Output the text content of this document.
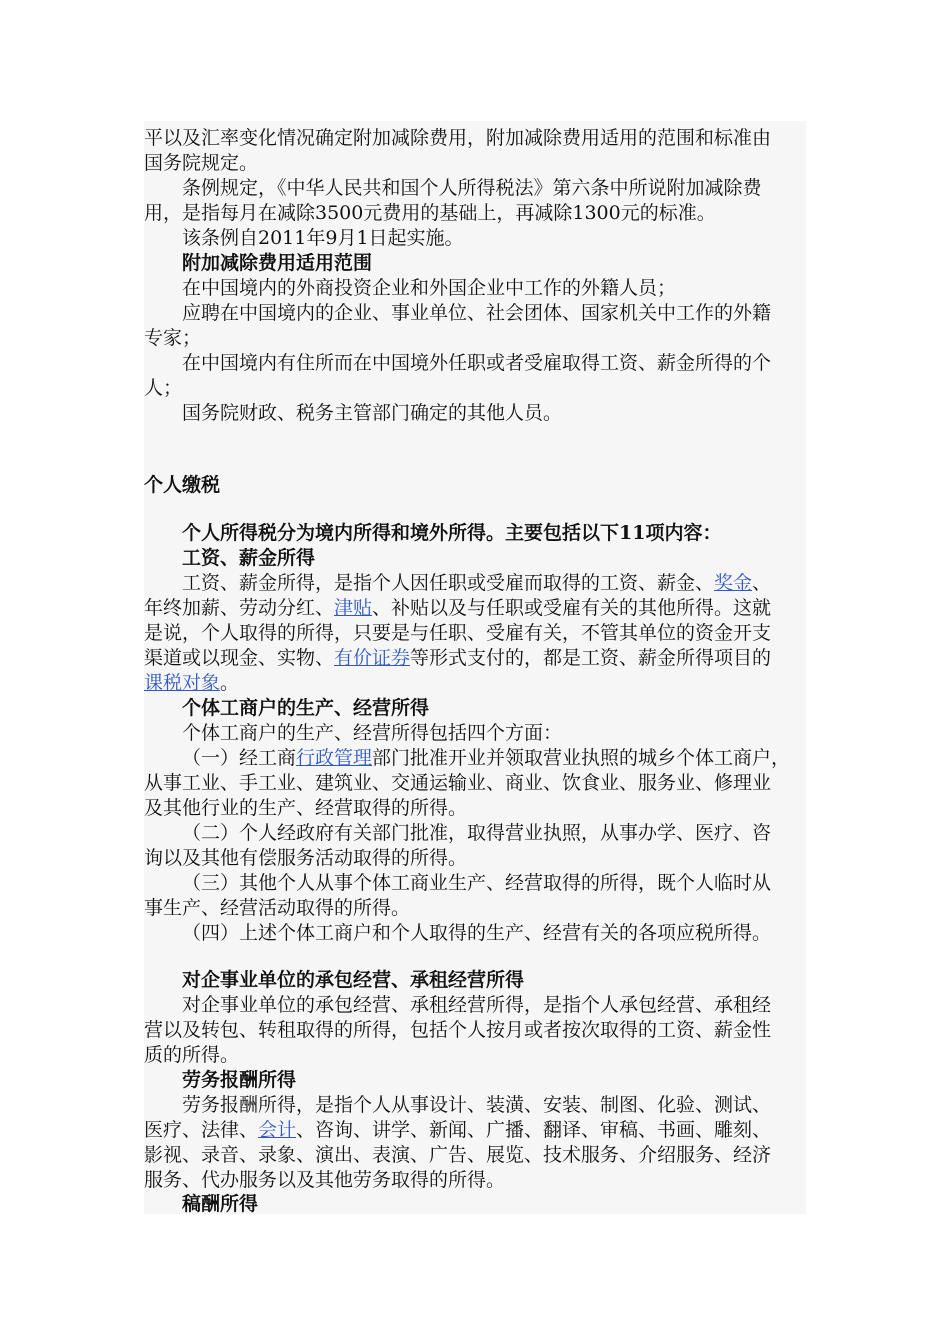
平以及汇率变化情况确定附加减除费用，附加减除费用适用的范围和标准由
国务院规定。
条例规定，《中华人民共和国个人所得税法》第六条中所说附加减除费
用，是指每月在减除3500元费用的基础上，再减除1300元的标准。
该条例自2011年9月1日起实施。
附加减除费用适用范围
在中国境内的外商投资企业和外国企业中工作的外籍人员；
应聘在中国境内的企业、事业单位、社会团体、国家机关中工作的外籍
专家；
在中国境内有住所而在中国境外任职或者受雇取得工资、薪金所得的个
人；
国务院财政、税务主管部门确定的其他人员。
个人缴税
个人所得税分为境内所得和境外所得。主要包括以下11项内容：
工资、薪金所得
工资、薪金所得，是指个人因任职或受雇而取得的工资、薪金、奖金、
年终加薪、劳动分红、津贴、补贴以及与任职或受雇有关的其他所得。这就
是说，个人取得的所得，只要是与任职、受雇有关，不管其单位的资金开支
渠道或以现金、实物、有价证券等形式支付的，都是工资、薪金所得项目的
课税对象。
个体工商户的生产、经营所得
个体工商户的生产、经营所得包括四个方面：
（一）经工商行政管理部门批准开业并领取营业执照的城乡个体工商户，
从事工业、手工业、建筑业、交通运输业、商业、饮食业、服务业、修理业
及其他行业的生产、经营取得的所得。
（二）个人经政府有关部门批准，取得营业执照，从事办学、医疗、咨
询以及其他有偿服务活动取得的所得。
（三）其他个人从事个体工商业生产、经营取得的所得，既个人临时从
事生产、经营活动取得的所得。
（四）上述个体工商户和个人取得的生产、经营有关的各项应税所得。
对企事业单位的承包经营、承租经营所得
对企事业单位的承包经营、承租经营所得，是指个人承包经营、承租经
营以及转包、转租取得的所得，包括个人按月或者按次取得的工资、薪金性
质的所得。
劳务报酬所得
劳务报酬所得，是指个人从事设计、装潢、安装、制图、化验、测试、
医疗、法律、会计、咨询、讲学、新闻、广播、翻译、审稿、书画、雕刻、
影视、录音、录象、演出、表演、广告、展览、技术服务、介绍服务、经济
服务、代办服务以及其他劳务取得的所得。
稿酬所得
